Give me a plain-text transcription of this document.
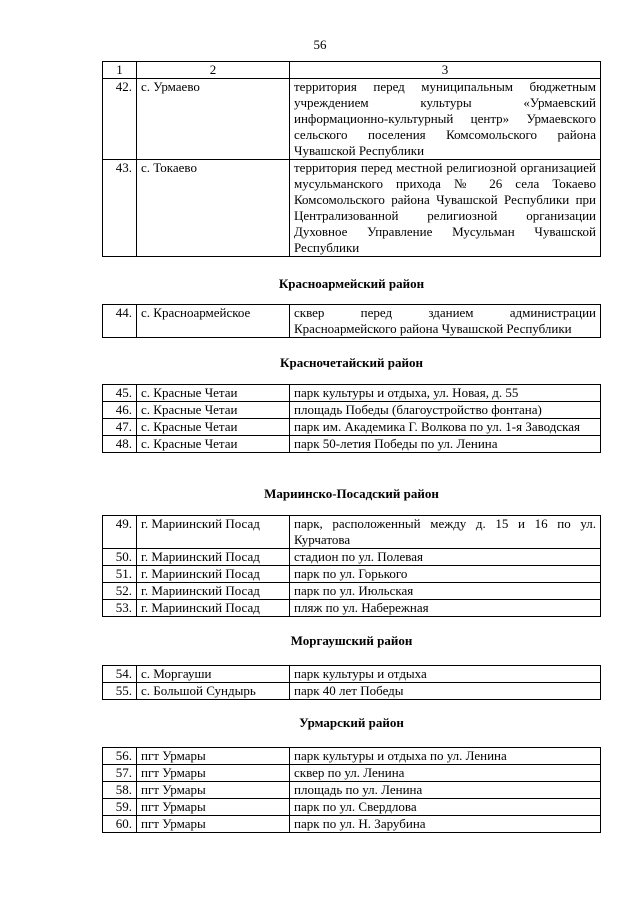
56
1	2	3
42.	с. Урмаево	территория перед муниципальным бюджетным учреждением культуры «Урмаевский информационно-культурный центр» Урмаевского сельского поселения Комсомольского района Чувашской Республики
43.	с. Токаево	территория перед местной религиозной организацией мусульманского прихода № 26 села Токаево Комсомольского района Чувашской Республики при Централизованной религиозной организации Духовное Управление Мусульман Чувашской Республики
Красноармейский район
44.	с. Красноармейское	сквер перед зданием администрации Красноармейского района Чувашской Республики
Красночетайский район
45.	с. Красные Четаи	парк культуры и отдыха, ул. Новая, д. 55
46.	с. Красные Четаи	площадь Победы (благоустройство фонтана)
47.	с. Красные Четаи	парк им. Академика Г. Волкова по ул. 1-я Заводская
48.	с. Красные Четаи	парк 50-летия Победы по ул. Ленина
Мариинско-Посадский район
49.	г. Мариинский Посад	парк, расположенный между д. 15 и 16 по ул. Курчатова
50.	г. Мариинский Посад	стадион по ул. Полевая
51.	г. Мариинский Посад	парк по ул. Горького
52.	г. Мариинский Посад	парк по ул. Июльская
53.	г. Мариинский Посад	пляж по ул. Набережная
Моргаушский район
54.	с. Моргауши	парк культуры и отдыха
55.	с. Большой Сундырь	парк 40 лет Победы
Урмарский район
56.	пгт Урмары	парк культуры и отдыха по ул. Ленина
57.	пгт Урмары	сквер по ул. Ленина
58.	пгт Урмары	площадь по ул. Ленина
59.	пгт Урмары	парк по ул. Свердлова
60.	пгт Урмары	парк по ул. Н. Зарубина
